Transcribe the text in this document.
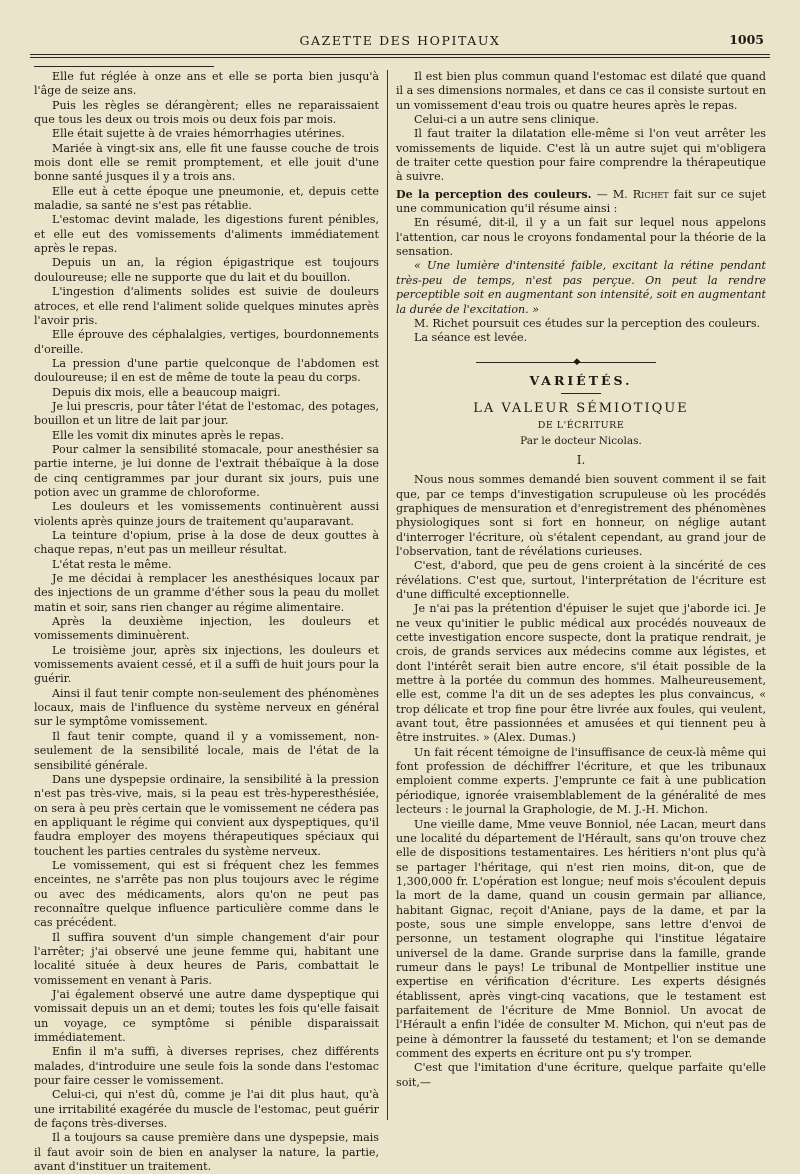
GAZETTE DES HOPITAUX	1005

Elle fut réglée à onze ans et elle se porta bien jusqu'à l'âge de seize ans.

Puis les règles se dérangèrent; elles ne reparaissaient que tous les deux ou trois mois ou deux fois par mois.

Elle était sujette à de vraies hémorrhagies utérines.

Mariée à vingt-six ans, elle fit une fausse couche de trois mois dont elle se remit promptement, et elle jouit d'une bonne santé jusques il y a trois ans.

Elle eut à cette époque une pneumonie, et, depuis cette maladie, sa santé ne s'est pas rétablie.

L'estomac devint malade, les digestions furent pénibles, et elle eut des vomissements d'aliments immédiatement après le repas.

Depuis un an, la région épigastrique est toujours douloureuse; elle ne supporte que du lait et du bouillon.

L'ingestion d'aliments solides est suivie de douleurs atroces, et elle rend l'aliment solide quelques minutes après l'avoir pris.

Elle éprouve des céphalalgies, vertiges, bourdonnements d'oreille.

La pression d'une partie quelconque de l'abdomen est douloureuse; il en est de même de toute la peau du corps.

Depuis dix mois, elle a beaucoup maigri.

Je lui prescris, pour tâter l'état de l'estomac, des potages, bouillon et un litre de lait par jour.

Elle les vomit dix minutes après le repas.

Pour calmer la sensibilité stomacale, pour anesthésier sa partie interne, je lui donne de l'extrait thébaïque à la dose de cinq centigrammes par jour durant six jours, puis une potion avec un gramme de chloroforme.

Les douleurs et les vomissements continuèrent aussi violents après quinze jours de traitement qu'auparavant.

La teinture d'opium, prise à la dose de deux gouttes à chaque repas, n'eut pas un meilleur résultat.

L'état resta le même.

Je me décidai à remplacer les anesthésiques locaux par des injections de un gramme d'éther sous la peau du mollet matin et soir, sans rien changer au régime alimentaire.

Après la deuxième injection, les douleurs et vomissements diminuèrent.

Le troisième jour, après six injections, les douleurs et vomissements avaient cessé, et il a suffi de huit jours pour la guérir.

Ainsi il faut tenir compte non-seulement des phénomènes locaux, mais de l'influence du système nerveux en général sur le symptôme vomissement.

Il faut tenir compte, quand il y a vomissement, non-seulement de la sensibilité locale, mais de l'état de la sensibilité générale.

Dans une dyspepsie ordinaire, la sensibilité à la pression n'est pas très-vive, mais, si la peau est très-hyperesthésiée, on sera à peu près certain que le vomissement ne cédera pas en appliquant le régime qui convient aux dyspeptiques, qu'il faudra employer des moyens thérapeutiques spéciaux qui touchent les parties centrales du système nerveux.

Le vomissement, qui est si fréquent chez les femmes enceintes, ne s'arrête pas non plus toujours avec le régime ou avec des médicaments, alors qu'on ne peut pas reconnaître quelque influence particulière comme dans le cas précédent.

Il suffira souvent d'un simple changement d'air pour l'arrêter; j'ai observé une jeune femme qui, habitant une localité située à deux heures de Paris, combattait le vomissement en venant à Paris.

J'ai également observé une autre dame dyspeptique qui vomissait depuis un an et demi; toutes les fois qu'elle faisait un voyage, ce symptôme si pénible disparaissait immédiatement.

Enfin il m'a suffi, à diverses reprises, chez différents malades, d'introduire une seule fois la sonde dans l'estomac pour faire cesser le vomissement.

Celui-ci, qui n'est dû, comme je l'ai dit plus haut, qu'à une irritabilité exagérée du muscle de l'estomac, peut guérir de façons très-diverses.

Il a toujours sa cause première dans une dyspepsie, mais il faut avoir soin de bien en analyser la nature, la partie, avant d'instituer un traitement.

Il est bien plus commun quand l'estomac est dilaté que quand il a ses dimensions normales, et dans ce cas il consiste surtout en un vomissement d'eau trois ou quatre heures après le repas.

Celui-ci a un autre sens clinique.

Il faut traiter la dilatation elle-même si l'on veut arrêter les vomissements de liquide. C'est là un autre sujet qui m'obligera de traiter cette question pour faire comprendre la thérapeutique à suivre.

De la perception des couleurs. — M. Richet fait sur ce sujet une communication qu'il résume ainsi :

En résumé, dit-il, il y a un fait sur lequel nous appelons l'attention, car nous le croyons fondamental pour la théorie de la sensation.

« Une lumière d'intensité faible, excitant la rétine pendant très-peu de temps, n'est pas perçue. On peut la rendre perceptible soit en augmentant son intensité, soit en augmentant la durée de l'excitation. »

M. Richet poursuit ces études sur la perception des couleurs.

La séance est levée.

◆

VARIÉTÉS.

LA VALEUR SÉMIOTIQUE

DE L'ÉCRITURE

Par le docteur Nicolas.

I.

Nous nous sommes demandé bien souvent comment il se fait que, par ce temps d'investigation scrupuleuse où les procédés graphiques de mensuration et d'enregistrement des phénomènes physiologiques sont si fort en honneur, on néglige autant d'interroger l'écriture, où s'étalent cependant, au grand jour de l'observation, tant de révélations curieuses.

C'est, d'abord, que peu de gens croient à la sincérité de ces révélations. C'est que, surtout, l'interprétation de l'écriture est d'une difficulté exceptionnelle.

Je n'ai pas la prétention d'épuiser le sujet que j'aborde ici. Je ne veux qu'initier le public médical aux procédés nouveaux de cette investigation encore suspecte, dont la pratique rendrait, je crois, de grands services aux médecins comme aux légistes, et dont l'intérêt serait bien autre encore, s'il était possible de la mettre à la portée du commun des hommes. Malheureusement, elle est, comme l'a dit un de ses adeptes les plus convaincus, « trop délicate et trop fine pour être livrée aux foules, qui veulent, avant tout, être passionnées et amusées et qui tiennent peu à être instruites. » (Alex. Dumas.)

Un fait récent témoigne de l'insuffisance de ceux-là même qui font profession de déchiffrer l'écriture, et que les tribunaux emploient comme experts. J'emprunte ce fait à une publication périodique, ignorée vraisemblablement de la généralité de mes lecteurs : le journal la Graphologie, de M. J.-H. Michon.

Une vieille dame, Mme veuve Bonniol, née Lacan, meurt dans une localité du département de l'Hérault, sans qu'on trouve chez elle de dispositions testamentaires. Les héritiers n'ont plus qu'à se partager l'héritage, qui n'est rien moins, dit-on, que de 1,300,000 fr. L'opération est longue; neuf mois s'écoulent depuis la mort de la dame, quand un cousin germain par alliance, habitant Gignac, reçoit d'Aniane, pays de la dame, et par la poste, sous une simple enveloppe, sans lettre d'envoi de personne, un testament olographe qui l'institue légataire universel de la dame. Grande surprise dans la famille, grande rumeur dans le pays! Le tribunal de Montpellier institue une expertise en vérification d'écriture. Les experts désignés établissent, après vingt-cinq vacations, que le testament est parfaitement de l'écriture de Mme Bonniol. Un avocat de l'Hérault a enfin l'idée de consulter M. Michon, qui n'eut pas de peine à démontrer la fausseté du testament; et l'on se demande comment des experts en écriture ont pu s'y tromper.

C'est que l'imitation d'une écriture, quelque parfaite qu'elle soit,—
